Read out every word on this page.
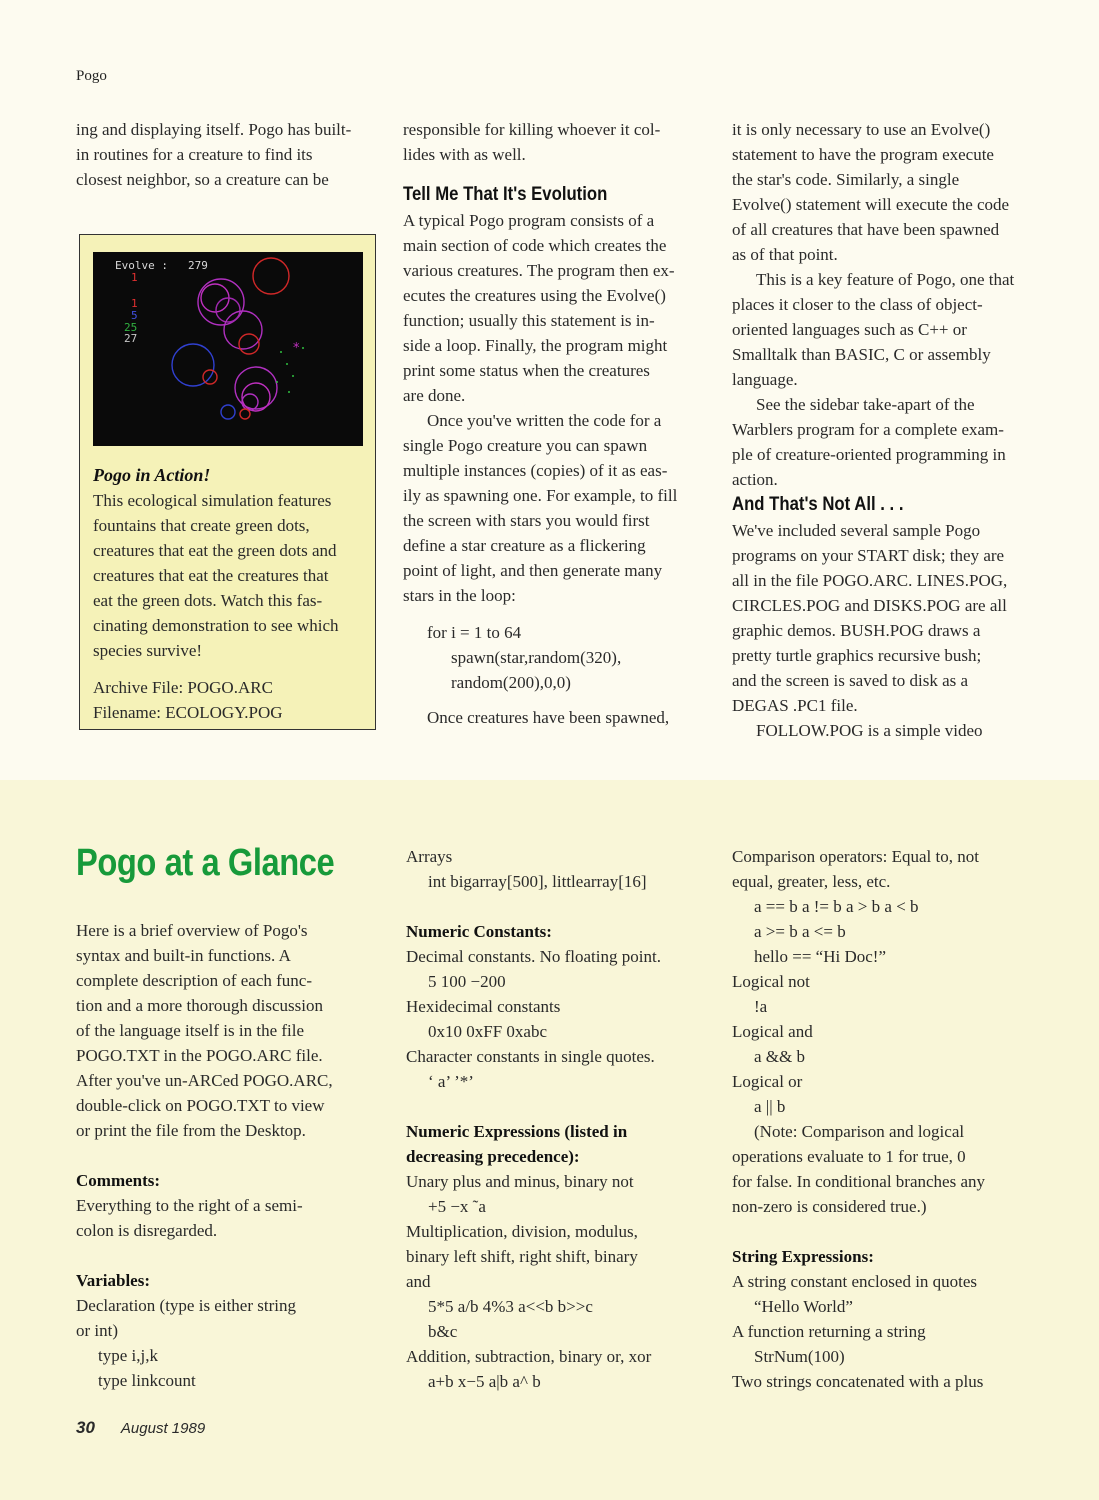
Pogo

ing and displaying itself. Pogo has built-

in routines for a creature to find its

closest neighbor, so a creature can be

Evolve : 279
1
1
5
25
27
*

Pogo in Action!

This ecological simulation features

fountains that create green dots,

creatures that eat the green dots and

creatures that eat the creatures that

eat the green dots. Watch this fas-

cinating demonstration to see which

species survive!

Archive File: POGO.ARC

Filename: ECOLOGY.POG

responsible for killing whoever it col-

lides with as well.

Tell Me That It's Evolution

A typical Pogo program consists of a

main section of code which creates the

various creatures. The program then ex-

ecutes the creatures using the Evolve()

function; usually this statement is in-

side a loop. Finally, the program might

print some status when the creatures

are done.

Once you've written the code for a

single Pogo creature you can spawn

multiple instances (copies) of it as eas-

ily as spawning one. For example, to fill

the screen with stars you would first

define a star creature as a flickering

point of light, and then generate many

stars in the loop:

for i = 1 to 64

spawn(star,random(320),

random(200),0,0)

Once creatures have been spawned,

it is only necessary to use an Evolve()

statement to have the program execute

the star's code. Similarly, a single

Evolve() statement will execute the code

of all creatures that have been spawned

as of that point.

This is a key feature of Pogo, one that

places it closer to the class of object-

oriented languages such as C++ or

Smalltalk than BASIC, C or assembly

language.

See the sidebar take-apart of the

Warblers program for a complete exam-

ple of creature-oriented programming in

action.

And That's Not All . . .

We've included several sample Pogo

programs on your START disk; they are

all in the file POGO.ARC. LINES.POG,

CIRCLES.POG and DISKS.POG are all

graphic demos. BUSH.POG draws a

pretty turtle graphics recursive bush;

and the screen is saved to disk as a

DEGAS .PC1 file.

FOLLOW.POG is a simple video

Pogo at a Glance

Here is a brief overview of Pogo's

syntax and built-in functions. A

complete description of each func-

tion and a more thorough discussion

of the language itself is in the file

POGO.TXT in the POGO.ARC file.

After you've un-ARCed POGO.ARC,

double-click on POGO.TXT to view

or print the file from the Desktop.

Comments:

Everything to the right of a semi-

colon is disregarded.

Variables:

Declaration (type is either string

or int)

type i,j,k

type linkcount

Arrays

int bigarray[500], littlearray[16]

Numeric Constants:

Decimal constants. No floating point.

5 100 −200

Hexidecimal constants

0x10 0xFF 0xabc

Character constants in single quotes.

‘ a’ ’*’

Numeric Expressions (listed in

decreasing precedence):

Unary plus and minus, binary not

+5 −x ˜a

Multiplication, division, modulus,

binary left shift, right shift, binary

and

5*5 a/b 4%3 a<<b b>>c

b&c

Addition, subtraction, binary or, xor

a+b x−5 a|b a^ b

Comparison operators: Equal to, not

equal, greater, less, etc.

a == b a != b a > b a < b

a >= b a <= b

hello == “Hi Doc!”

Logical not

!a

Logical and

a && b

Logical or

a || b

(Note: Comparison and logical

operations evaluate to 1 for true, 0

for false. In conditional branches any

non-zero is considered true.)

String Expressions:

A string constant enclosed in quotes

“Hello World”

A function returning a string

StrNum(100)

Two strings concatenated with a plus

30 August 1989
